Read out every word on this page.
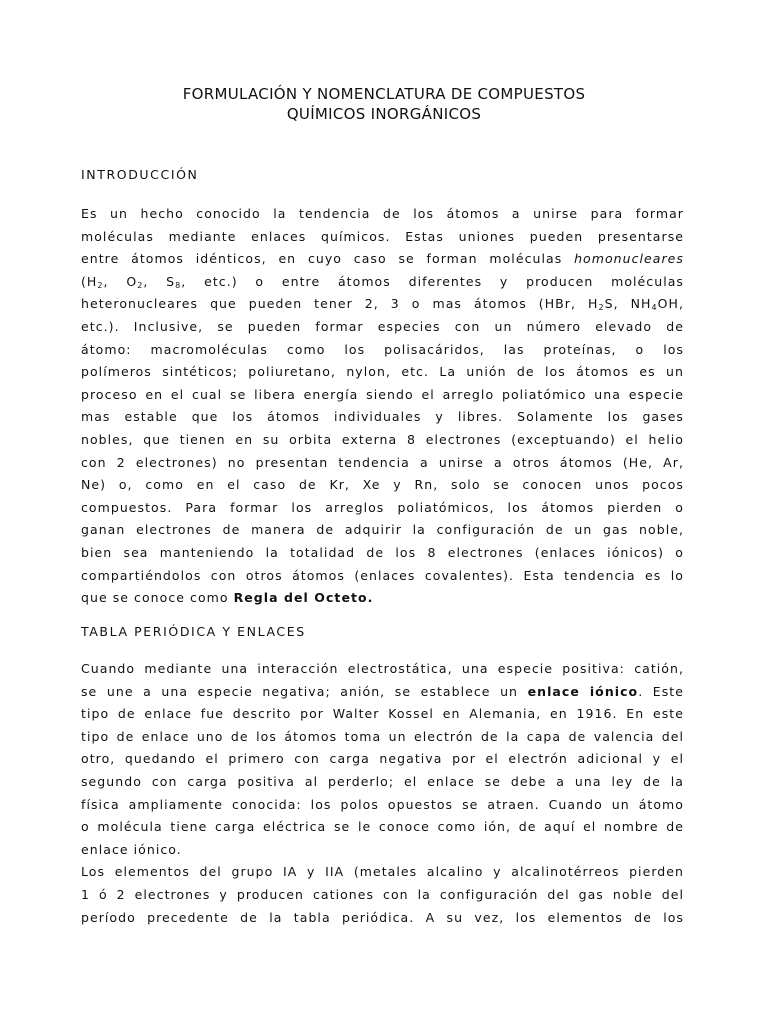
FORMULACIÓN Y NOMENCLATURA DE COMPUESTOS
QUÍMICOS INORGÁNICOS
INTRODUCCIÓN
Es un hecho conocido la tendencia de los átomos a unirse para formar
moléculas mediante enlaces químicos. Estas uniones pueden presentarse
entre átomos idénticos, en cuyo caso se forman moléculas homonucleares
($H_2$, $O_2$, $S_8$, etc.) o entre átomos diferentes y producen moléculas
heteronucleares que pueden tener 2, 3 o mas átomos (HBr, $H_2S$, $NH_4OH$,
etc.). Inclusive, se pueden formar especies con un número elevado de
átomo: macromoléculas como los polisacáridos, las proteínas, o los
polímeros sintéticos; poliuretano, nylon, etc. La unión de los átomos es un
proceso en el cual se libera energía siendo el arreglo poliatómico una especie
mas estable que los átomos individuales y libres. Solamente los gases
nobles, que tienen en su orbita externa 8 electrones (exceptuando) el helio
con 2 electrones) no presentan tendencia a unirse a otros átomos (He, Ar,
Ne) o, como en el caso de Kr, Xe y Rn, solo se conocen unos pocos
compuestos. Para formar los arreglos poliatómicos, los átomos pierden o
ganan electrones de manera de adquirir la configuración de un gas noble,
bien sea manteniendo la totalidad de los 8 electrones (enlaces iónicos) o
compartiéndolos con otros átomos (enlaces covalentes). Esta tendencia es lo
que se conoce como Regla del Octeto.
TABLA PERIÓDICA Y ENLACES
Cuando mediante una interacción electrostática, una especie positiva: catión,
se une a una especie negativa; anión, se establece un enlace iónico. Este
tipo de enlace fue descrito por Walter Kossel en Alemania, en 1916. En este
tipo de enlace uno de los átomos toma un electrón de la capa de valencia del
otro, quedando el primero con carga negativa por el electrón adicional y el
segundo con carga positiva al perderlo; el enlace se debe a una ley de la
física ampliamente conocida: los polos opuestos se atraen. Cuando un átomo
o molécula tiene carga eléctrica se le conoce como ión, de aquí el nombre de
enlace iónico.
Los elementos del grupo IA y IIA (metales alcalino y alcalinotérreos pierden
1 ó 2 electrones y producen cationes con la configuración del gas noble del
período precedente de la tabla periódica. A su vez, los elementos de los
